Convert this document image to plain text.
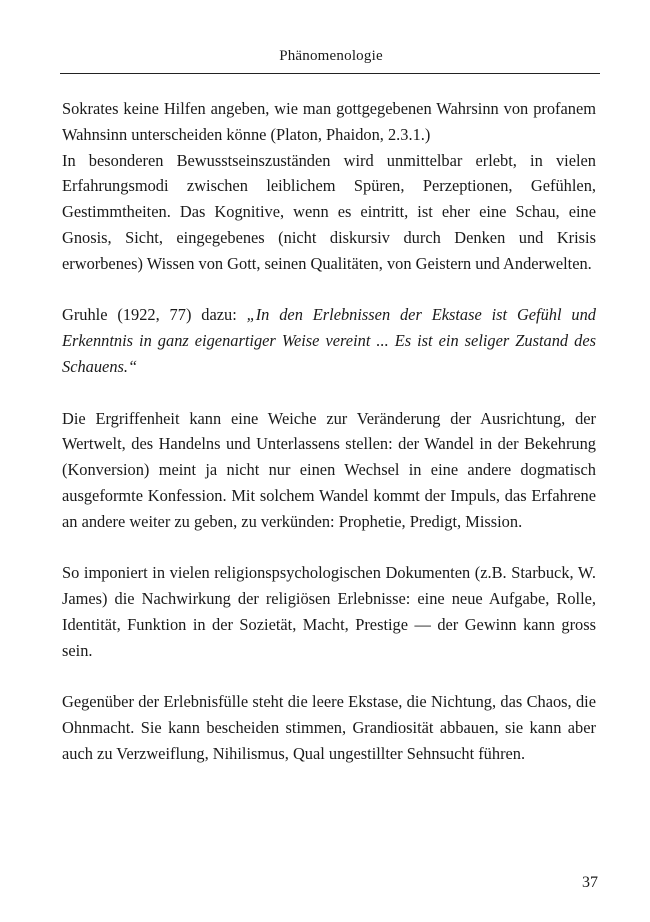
Phänomenologie

Sokrates keine Hilfen angeben, wie man gottgegebenen Wahrsinn von profanem Wahnsinn unterscheiden könne (Platon, Phaidon, 2.3.1.)

In besonderen Bewusstseinszuständen wird unmittelbar erlebt, in vielen Erfahrungsmodi zwischen leiblichem Spüren, Perzeptionen, Gefühlen, Gestimmtheiten. Das Kognitive, wenn es eintritt, ist eher eine Schau, eine Gnosis, Sicht, eingegebenes (nicht diskursiv durch Denken und Krisis erworbenes) Wissen von Gott, seinen Qualitäten, von Geistern und Anderwelten.

Gruhle (1922, 77) dazu: „In den Erlebnissen der Ekstase ist Gefühl und Erkenntnis in ganz eigenartiger Weise vereint ... Es ist ein seliger Zustand des Schauens.“

Die Ergriffenheit kann eine Weiche zur Veränderung der Ausrichtung, der Wertwelt, des Handelns und Unterlassens stellen: der Wandel in der Bekehrung (Konversion) meint ja nicht nur einen Wechsel in eine andere dogmatisch ausgeformte Konfession. Mit solchem Wandel kommt der Impuls, das Erfahrene an andere weiter zu geben, zu verkünden: Prophetie, Predigt, Mission.

So imponiert in vielen religionspsychologischen Dokumenten (z.B. Starbuck, W. James) die Nachwirkung der religiösen Erlebnisse: eine neue Aufgabe, Rolle, Identität, Funktion in der Sozietät, Macht, Prestige — der Gewinn kann gross sein.

Gegenüber der Erlebnisfülle steht die leere Ekstase, die Nichtung, das Chaos, die Ohnmacht. Sie kann bescheiden stimmen, Grandiosität abbauen, sie kann aber auch zu Verzweiflung, Nihilismus, Qual ungestillter Sehnsucht führen.

37
